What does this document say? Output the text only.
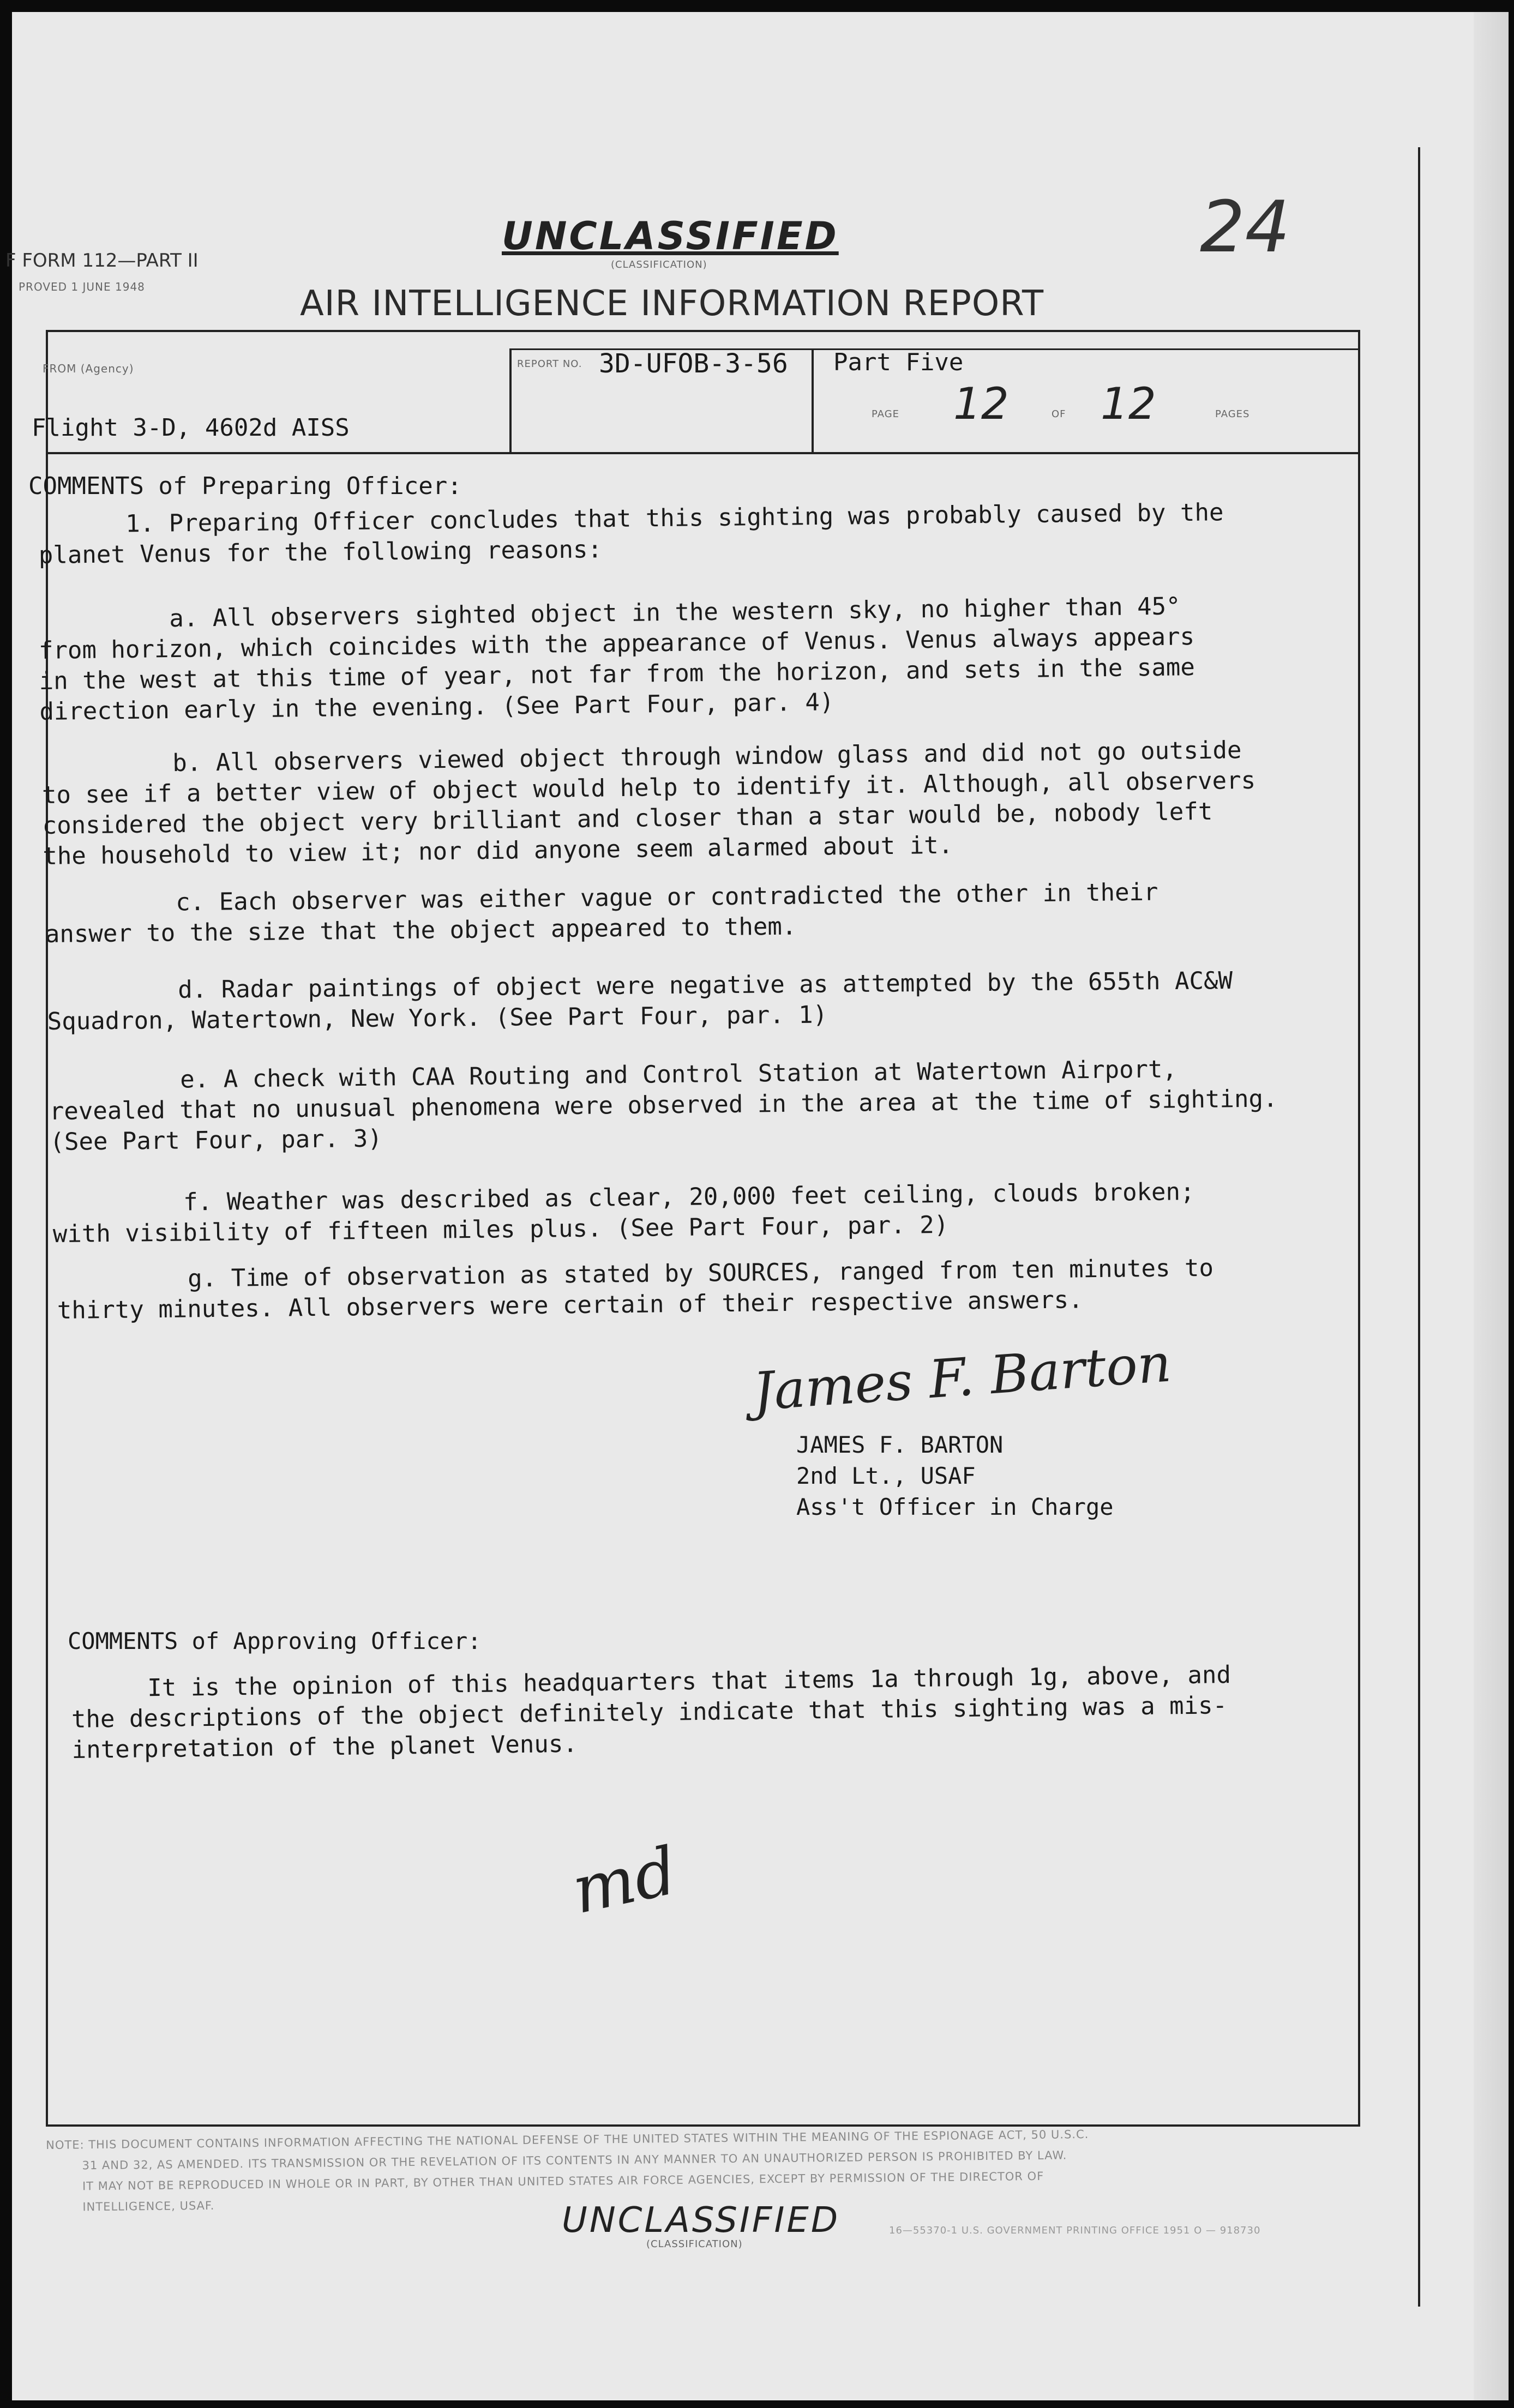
F FORM 112—PART II
PROVED 1 JUNE 1948
UNCLASSIFIED
(CLASSIFICATION)	24
AIR INTELLIGENCE INFORMATION REPORT
FROM (Agency)
Flight 3-D, 4602d AISS
REPORT NO. 3D-UFOB-3-56 Part Five
PAGE 12	OF 12	PAGES
COMMENTS of Preparing Officer:

1. Preparing Officer concludes that this sighting was probably caused by the

planet Venus for the following reasons:

a. All observers sighted object in the western sky, no higher than 45°

from horizon, which coincides with the appearance of Venus. Venus always appears

in the west at this time of year, not far from the horizon, and sets in the same

direction early in the evening. (See Part Four, par. 4)

b. All observers viewed object through window glass and did not go outside

to see if a better view of object would help to identify it. Although, all observers

considered the object very brilliant and closer than a star would be, nobody left

the household to view it; nor did anyone seem alarmed about it.

c. Each observer was either vague or contradicted the other in their

answer to the size that the object appeared to them.

d. Radar paintings of object were negative as attempted by the 655th AC&W

Squadron, Watertown, New York. (See Part Four, par. 1)

e. A check with CAA Routing and Control Station at Watertown Airport,

revealed that no unusual phenomena were observed in the area at the time of sighting.

(See Part Four, par. 3)

f. Weather was described as clear, 20,000 feet ceiling, clouds broken;

with visibility of fifteen miles plus. (See Part Four, par. 2)

g. Time of observation as stated by SOURCES, ranged from ten minutes to

thirty minutes. All observers were certain of their respective answers.

James F. Barton
JAMES F. BARTON
2nd Lt., USAF
Ass't Officer in Charge
COMMENTS of Approving Officer:

It is the opinion of this headquarters that items 1a through 1g, above, and

the descriptions of the object definitely indicate that this sighting was a mis-

interpretation of the planet Venus.

md
NOTE: THIS DOCUMENT CONTAINS INFORMATION AFFECTING THE NATIONAL DEFENSE OF THE UNITED STATES WITHIN THE MEANING OF THE ESPIONAGE ACT, 50 U.S.C.
31 AND 32, AS AMENDED. ITS TRANSMISSION OR THE REVELATION OF ITS CONTENTS IN ANY MANNER TO AN UNAUTHORIZED PERSON IS PROHIBITED BY LAW.
IT MAY NOT BE REPRODUCED IN WHOLE OR IN PART, BY OTHER THAN UNITED STATES AIR FORCE AGENCIES, EXCEPT BY PERMISSION OF THE DIRECTOR OF
INTELLIGENCE, USAF.	UNCLASSIFIED
(CLASSIFICATION)
16—55370-1 U.S. GOVERNMENT PRINTING OFFICE 1951 O — 918730
